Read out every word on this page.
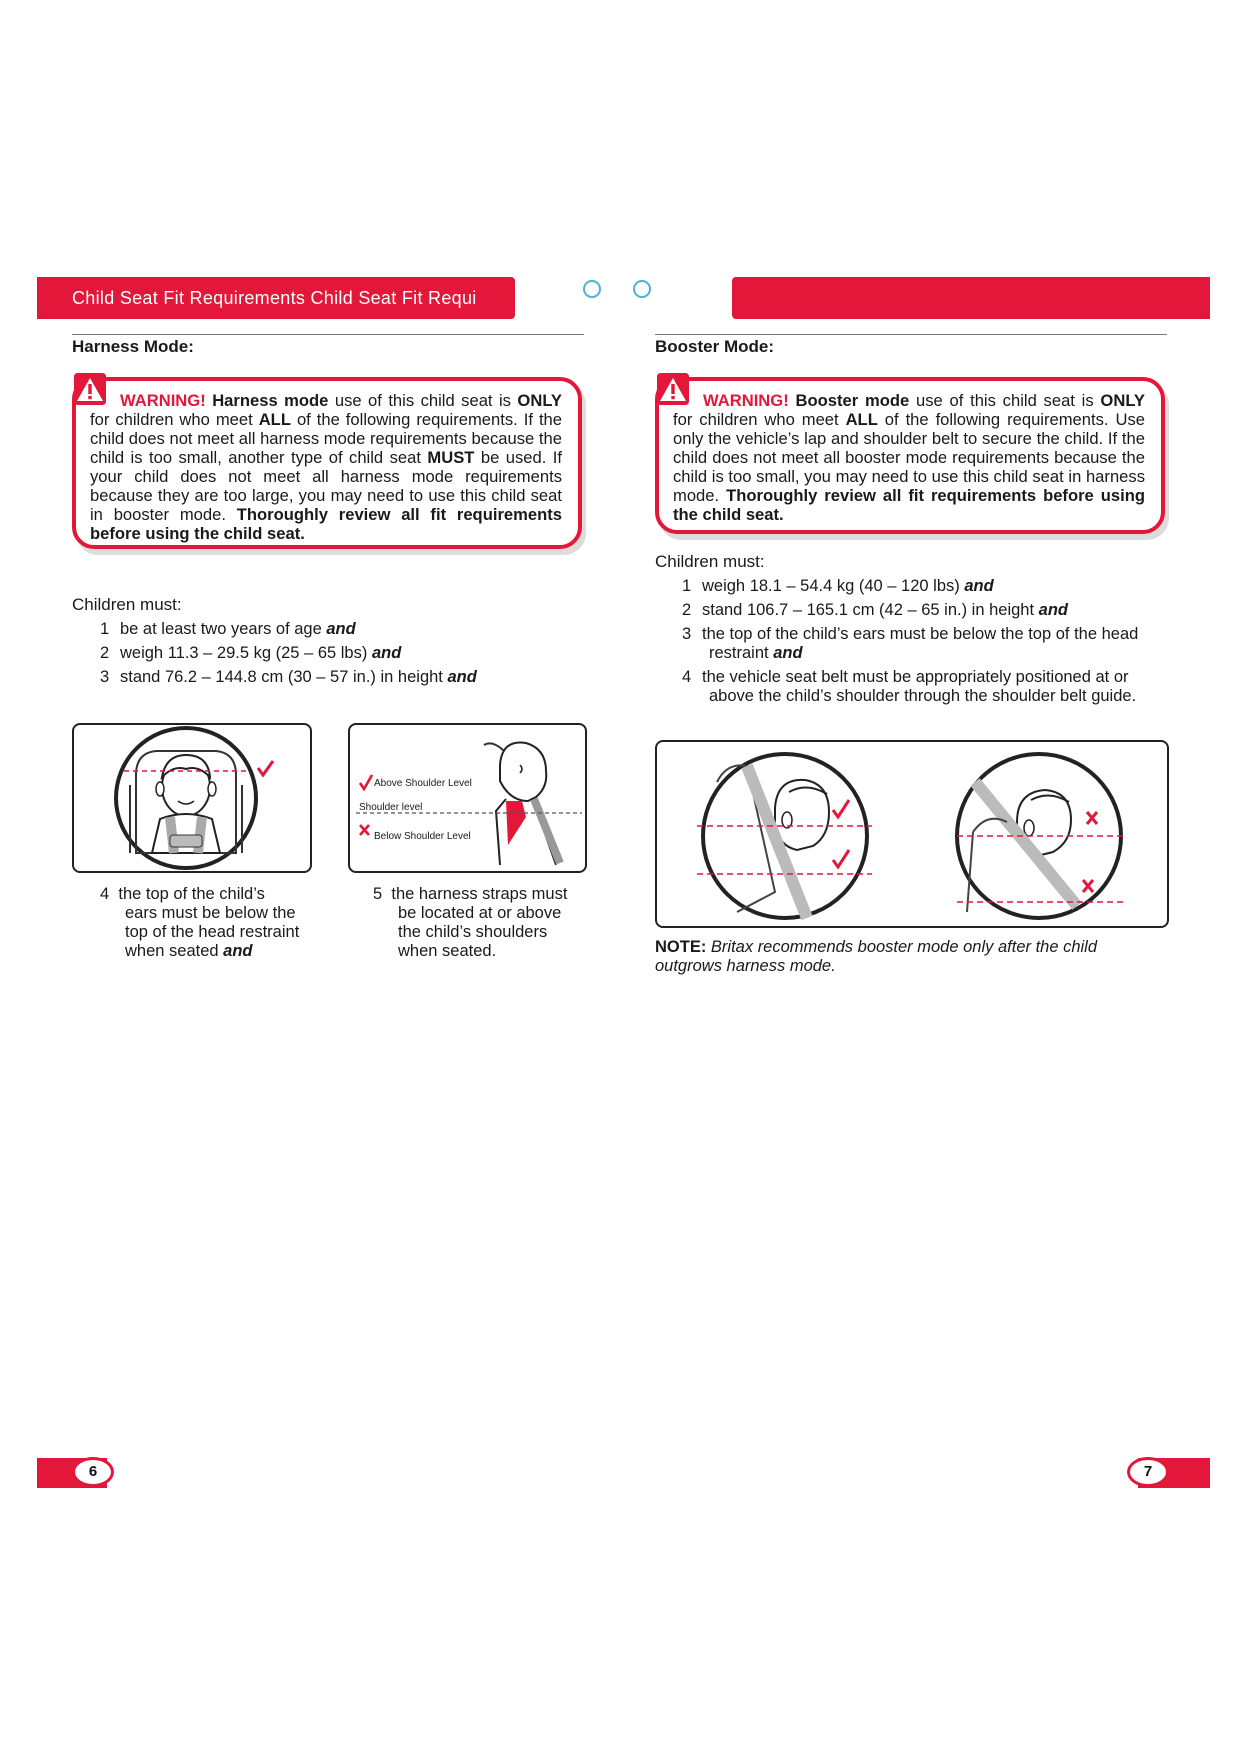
Child Seat Fit Requirements Child Seat Fit Requi
Harness Mode:
WARNING! Harness mode use of this child seat is ONLY for children who meet ALL of the following requirements. If the child does not meet all harness mode requirements because the child is too small, another type of child seat MUST be used. If your child does not meet all harness mode requirements because they are too large, you may need to use this child seat in booster mode. Thoroughly review all fit requirements before using the child seat.
Children must:
1 be at least two years of age and
2 weigh 11.3 – 29.5 kg (25 – 65 lbs) and
3 stand 76.2 – 144.8 cm (30 – 57 in.) in height and
Above Shoulder Level
Shoulder level
Below Shoulder Level
4 the top of the child’s
ears must be below the
top of the head restraint
when seated and
5 the harness straps must
be located at or above
the child’s shoulders
when seated.
6
Booster Mode:
WARNING! Booster mode use of this child seat is ONLY for children who meet ALL of the following requirements. Use only the vehicle’s lap and shoulder belt to secure the child. If the child does not meet all booster mode requirements because the child is too small, you may need to use this child seat in harness mode. Thoroughly review all fit requirements before using the child seat.
Children must:
1 weigh 18.1 – 54.4 kg (40 – 120 lbs) and
2 stand 106.7 – 165.1 cm (42 – 65 in.) in height and
3 the top of the child’s ears must be below the top of the head
restraint and
4 the vehicle seat belt must be appropriately positioned at or
above the child’s shoulder through the shoulder belt guide.
NOTE: Britax recommends booster mode only after the child outgrows harness mode.
7
